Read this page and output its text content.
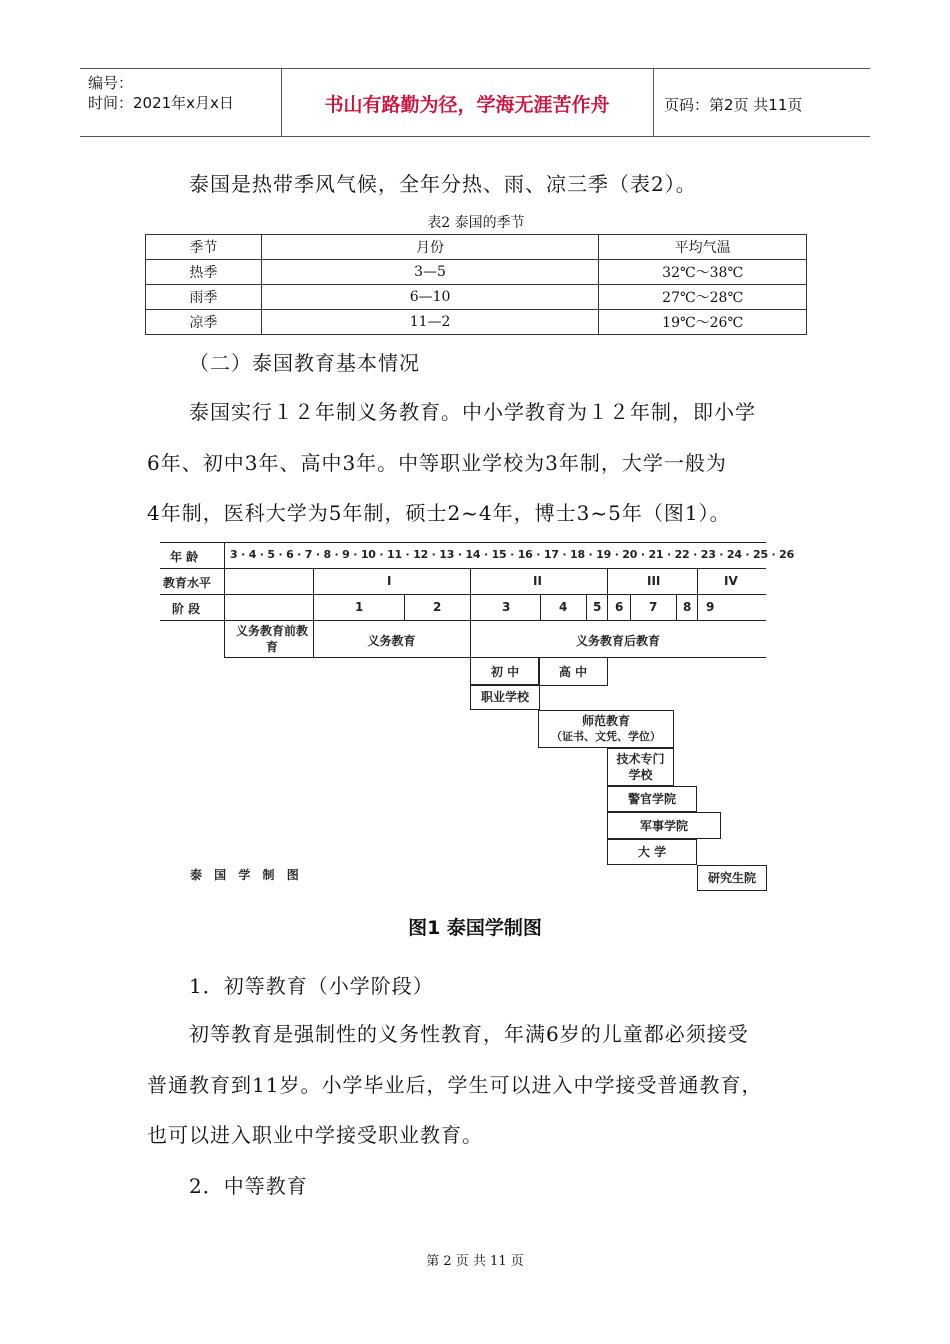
编号：
时间：2021年x月x日	书山有路勤为径，学海无涯苦作舟	页码：第2页 共11页
泰国是热带季风气候，全年分热、雨、凉三季（表2）。
表2 泰国的季节
季节	月份	平均气温
热季	3—5	32℃～38℃
雨季	6—10	27℃～28℃
凉季	11—2	19℃～26℃
（二）泰国教育基本情况
泰国实行１２年制义务教育。中小学教育为１２年制，即小学
6年、初中3年、高中3年。中等职业学校为3年制，大学一般为
4年制，医科大学为5年制，硕士2~4年，博士3~5年（图1）。
年 龄	3 · 4 · 5 · 6 · 7 · 8 · 9 · 10 · 11 · 12 · 13 · 14 · 15 · 16 · 17 · 18 · 19 · 20 · 21 · 22 · 23 · 24 · 25 · 26
教育水平	I	II	III	IV
阶 段	1	2	3	4 5 6 7 8 9
义务教育前教育	义务教育	义务教育后教育
初 中	高 中
职业学校
师范教育
（证书、文凭、学位）
技术专门学校
警官学院
军事学院
大 学
研究生院
泰 国 学 制 图
图1 泰国学制图
1．初等教育（小学阶段）
初等教育是强制性的义务性教育，年满6岁的儿童都必须接受
普通教育到11岁。小学毕业后，学生可以进入中学接受普通教育，
也可以进入职业中学接受职业教育。
2．中等教育
第 2 页 共 11 页
